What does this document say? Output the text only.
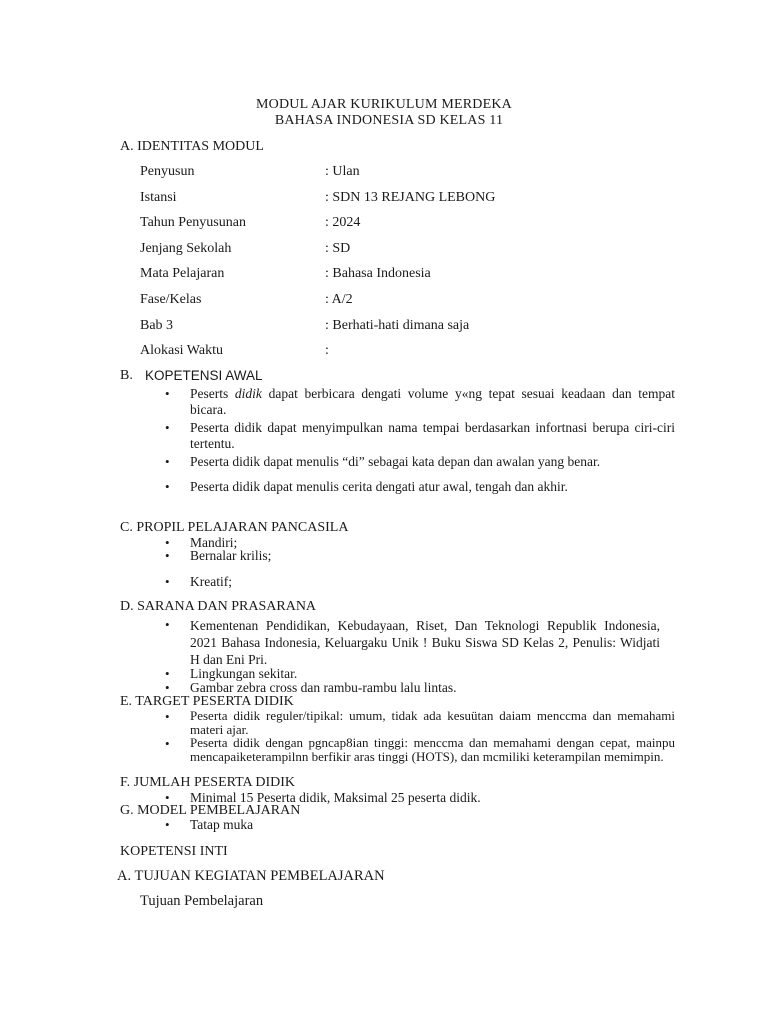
MODUL AJAR KURIKULUM MERDEKA
BAHASA INDONESIA SD KELAS 11
A. IDENTITAS MODUL
Penyusun	: Ulan
Istansi	: SDN 13 REJANG LEBONG
Tahun Penyusunan	: 2024
Jenjang Sekolah	: SD
Mata Pelajaran	: Bahasa Indonesia
Fase/Kelas	: A/2
Bab 3	: Berhati-hati dimana saja
Alokasi Waktu	:
B. KOPETENSI AWAL
• Peserts didik dapat berbicara dengati volume y«ng tepat sesuai keadaan dan tempat bicara.
• Peserta didik dapat menyimpulkan nama tempai berdasarkan infortnasi berupa ciri-ciri tertentu.
• Peserta didik dapat menulis “di” sebagai kata depan dan awalan yang benar.
• Peserta didik dapat menulis cerita dengati atur awal, tengah dan akhir.
C. PROPIL PELAJARAN PANCASILA
• Mandiri;
• Bernalar krilis;
• Kreatif;
D. SARANA DAN PRASARANA
• Kementenan Pendidikan, Kebudayaan, Riset, Dan Teknologi Republik Indonesia, 2021 Bahasa Indonesia, Keluargaku Unik ! Buku Siswa SD Kelas 2, Penulis: Widjati H dan Eni Pri.
• Lingkungan sekitar.
• Gambar zebra cross dan rambu-rambu lalu lintas.
E. TARGET PESERTA DIDIK
• Peserta didik reguler/tipikal: umum, tidak ada kesuütan daiam menccma dan memahami materi ajar.
• Peserta didik dengan pgncap8ian tinggi: menccma dan memahami dengan cepat, mainpu mencapaiketerampilnn berfikir aras tinggi (HOTS), dan mcmiliki keterampilan memimpin.
F. JUMLAH PESERTA DIDIK
• Minimal 15 Peserta didik, Maksimal 25 peserta didik.
G. MODEL PEMBELAJARAN
• Tatap muka
KOPETENSI INTI
A. TUJUAN KEGIATAN PEMBELAJARAN
Tujuan Pembelajaran
